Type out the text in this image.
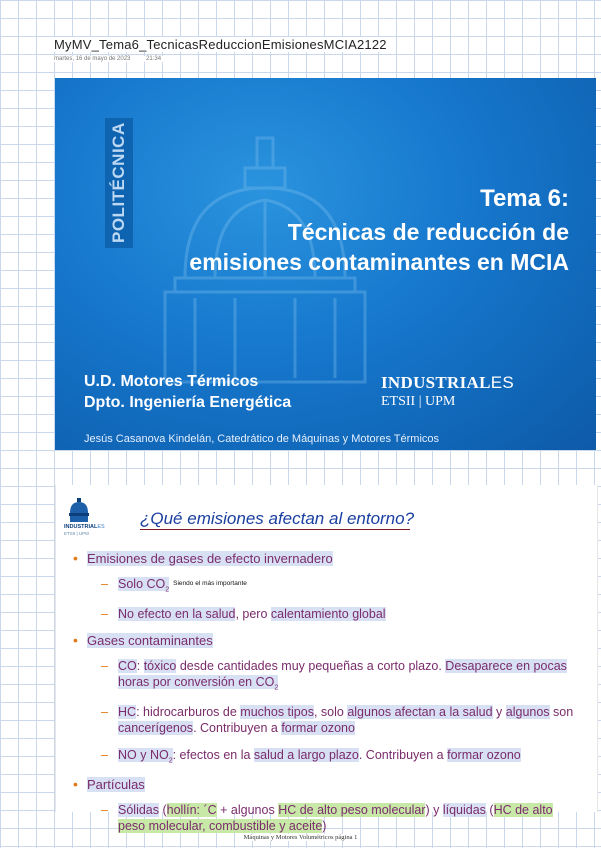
MyMV_Tema6_TecnicasReduccionEmisionesMCIA2122
martes, 16 de mayo de 2023	21:34
POLITÉCNICA	Tema 6:
Técnicas de reducción de
emisiones contaminantes en MCIA
U.D. Motores Térmicos
Dpto. Ingeniería Energética
INDUSTRIALES
ETSII | UPM
Jesús Casanova Kindelán, Catedrático de Máquinas y Motores Térmicos
INDUSTRIALES
ETSII | UPM
¿Qué emisiones afectan al entorno?
• Emisiones de gases de efecto invernadero
– Solo $CO_2Siendo$ el más importante
– No efecto en la salud, pero calentamiento global
• Gases contaminantes
– CO: tóxico desde cantidades muy pequeñas a corto plazo. Desaparece en pocas horas por conversión en $CO_2$
– HC: hidrocarburos de muchos tipos, solo algunos afectan a la salud y algunos son cancerígenos. Contribuyen a formar ozono
– NO y $NO_2$: efectos en la salud a largo plazo. Contribuyen a formar ozono
• Partículas
– Sólidas (hollín: ´C + algunos HC de alto peso molecular) y líquidas (HC de alto peso molecular, combustible y aceite)
Máquinas y Motores Volumétricos página 1
